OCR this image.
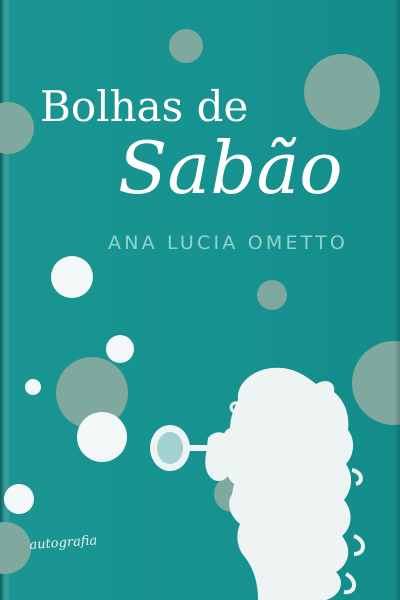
Bolhas de
Sabão
ANA LUCIA OMETTO
autografia
